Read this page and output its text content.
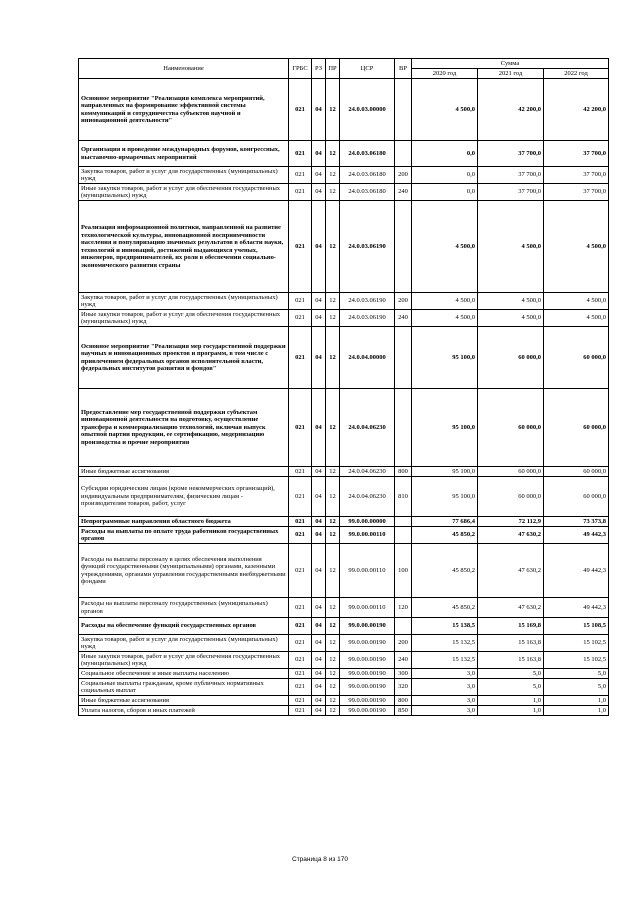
Наименование	ГРБС	РЗ	ПР	ЦСР	ВР	Сумма		
						2020 год	2021 год	2022 год
Основное мероприятие "Реализация комплекса мероприятий, направленных на формирование эффективной системы коммуникаций и сотрудничества субъектов научной и инновационной деятельности"	021	04	12	24.0.03.00000		4 500,0	42 200,0	42 200,0
Организация и проведение международных форумов, конгрессных, выставочно-ярмарочных мероприятий	021	04	12	24.0.03.06180		0,0	37 700,0	37 700,0
Закупка товаров, работ и услуг для государственных (муниципальных) нужд	021	04	12	24.0.03.06180	200	0,0	37 700,0	37 700,0
Иные закупки товаров, работ и услуг для обеспечения государственных (муниципальных) нужд	021	04	12	24.0.03.06180	240	0,0	37 700,0	37 700,0
Реализация информационной политики, направленной на развитие технологической культуры, инновационной восприимчивости населения и популяризацию значимых результатов в области науки, технологий и инноваций, достижений выдающихся ученых, инженеров, предпринимателей, их роли в обеспечении социально-экономического развития страны	021	04	12	24.0.03.06190		4 500,0	4 500,0	4 500,0
Закупка товаров, работ и услуг для государственных (муниципальных) нужд	021	04	12	24.0.03.06190	200	4 500,0	4 500,0	4 500,0
Иные закупки товаров, работ и услуг для обеспечения государственных (муниципальных) нужд	021	04	12	24.0.03.06190	240	4 500,0	4 500,0	4 500,0
Основное мероприятие "Реализация мер государственной поддержки научных и инновационных проектов и программ, в том числе с привлечением федеральных органов исполнительной власти, федеральных институтов развития и фондов"	021	04	12	24.0.04.00000		95 100,0	60 000,0	60 000,0
Предоставление мер государственной поддержки субъектам инновационной деятельности на подготовку, осуществление трансфера и коммерциализацию технологий, включая выпуск опытной партии продукции, ее сертификацию, модернизацию производства и прочие мероприятия	021	04	12	24.0.04.06230		95 100,0	60 000,0	60 000,0
Иные бюджетные ассигнования	021	04	12	24.0.04.06230	800	95 100,0	60 000,0	60 000,0
Субсидии юридическим лицам (кроме некоммерческих организаций), индивидуальным предпринимателям, физическим лицам - производителям товаров, работ, услуг	021	04	12	24.0.04.06230	810	95 100,0	60 000,0	60 000,0
Непрограммные направления областного бюджета	021	04	12	99.0.00.00000		77 686,4	72 112,9	73 373,8
Расходы на выплаты по оплате труда работников государственных органов	021	04	12	99.0.00.00110		45 850,2	47 630,2	49 442,3
Расходы на выплаты персоналу в целях обеспечения выполнения функций государственными (муниципальными) органами, казенными учреждениями, органами управления государственными внебюджетными фондами	021	04	12	99.0.00.00110	100	45 850,2	47 630,2	49 442,3
Расходы на выплаты персоналу государственных (муниципальных) органов	021	04	12	99.0.00.00110	120	45 850,2	47 630,2	49 442,3
Расходы на обеспечение функций государственных органов	021	04	12	99.0.00.00190		15 138,5	15 169,8	15 108,5
Закупка товаров, работ и услуг для государственных (муниципальных) нужд	021	04	12	99.0.00.00190	200	15 132,5	15 163,8	15 102,5
Иные закупки товаров, работ и услуг для обеспечения государственных (муниципальных) нужд	021	04	12	99.0.00.00190	240	15 132,5	15 163,8	15 102,5
Социальное обеспечение и иные выплаты населению	021	04	12	99.0.00.00190	300	3,0	5,0	5,0
Социальные выплаты гражданам, кроме публичных нормативных социальных выплат	021	04	12	99.0.00.00190	320	3,0	5,0	5,0
Иные бюджетные ассигнования	021	04	12	99.0.00.00190	800	3,0	1,0	1,0
Уплата налогов, сборов и иных платежей	021	04	12	99.0.00.00190	850	3,0	1,0	1,0
Страница 8 из 170
